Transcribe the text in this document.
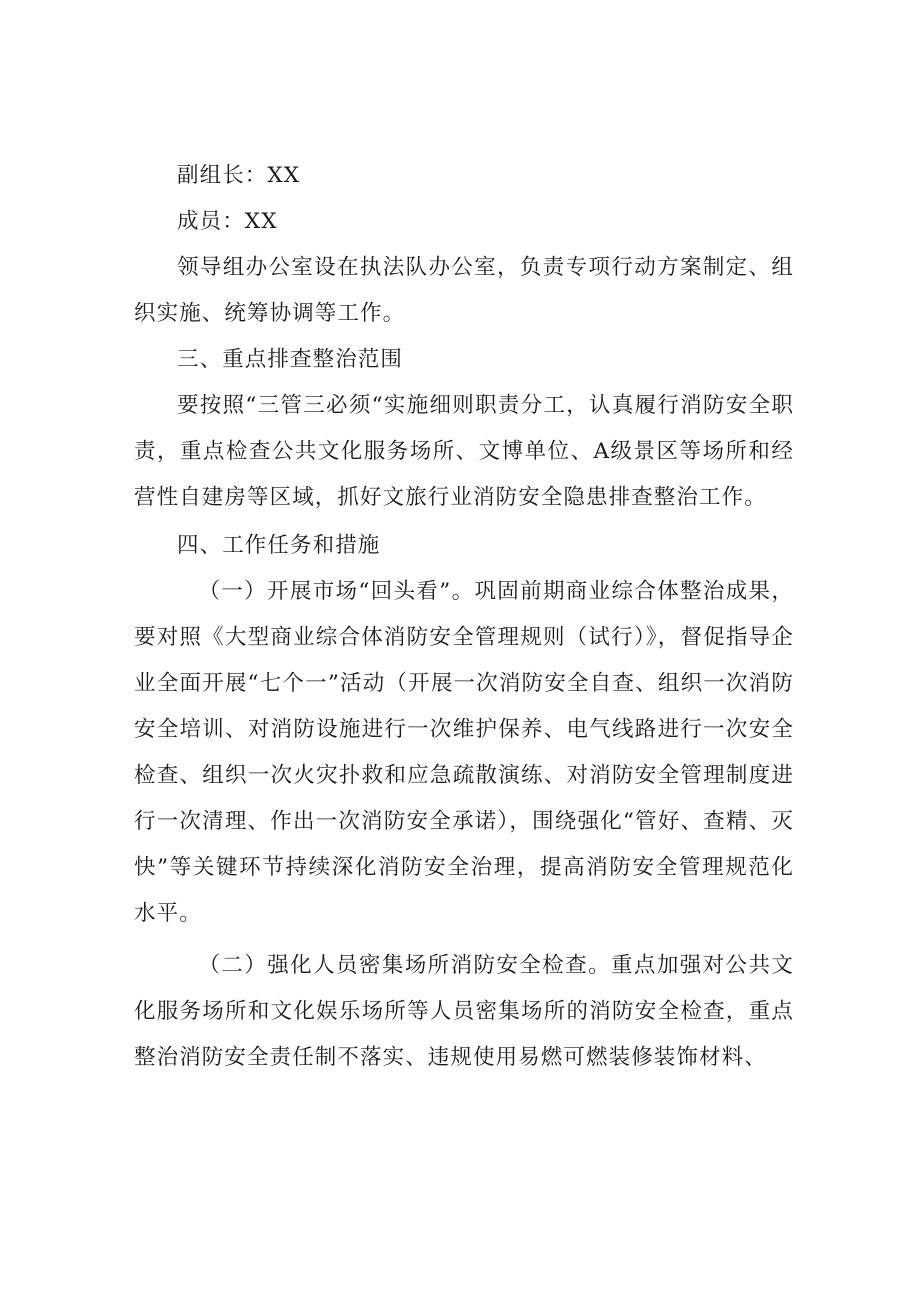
副组长：XX

成员：XX

领导组办公室设在执法队办公室，负责专项行动方案制定、组织实施、统筹协调等工作。

三、重点排查整治范围

要按照“三管三必须“实施细则职责分工，认真履行消防安全职责，重点检查公共文化服务场所、文博单位、A级景区等场所和经营性自建房等区域，抓好文旅行业消防安全隐患排查整治工作。

四、工作任务和措施

（一）开展市场“回头看”。巩固前期商业综合体整治成果，要对照《大型商业综合体消防安全管理规则（试行）》，督促指导企业全面开展“七个一”活动（开展一次消防安全自查、组织一次消防安全培训、对消防设施进行一次维护保养、电气线路进行一次安全检查、组织一次火灾扑救和应急疏散演练、对消防安全管理制度进行一次清理、作出一次消防安全承诺），围绕强化“管好、查精、灭快”等关键环节持续深化消防安全治理，提高消防安全管理规范化水平。

（二）强化人员密集场所消防安全检查。重点加强对公共文化服务场所和文化娱乐场所等人员密集场所的消防安全检查，重点整治消防安全责任制不落实、违规使用易燃可燃装修装饰材料、
